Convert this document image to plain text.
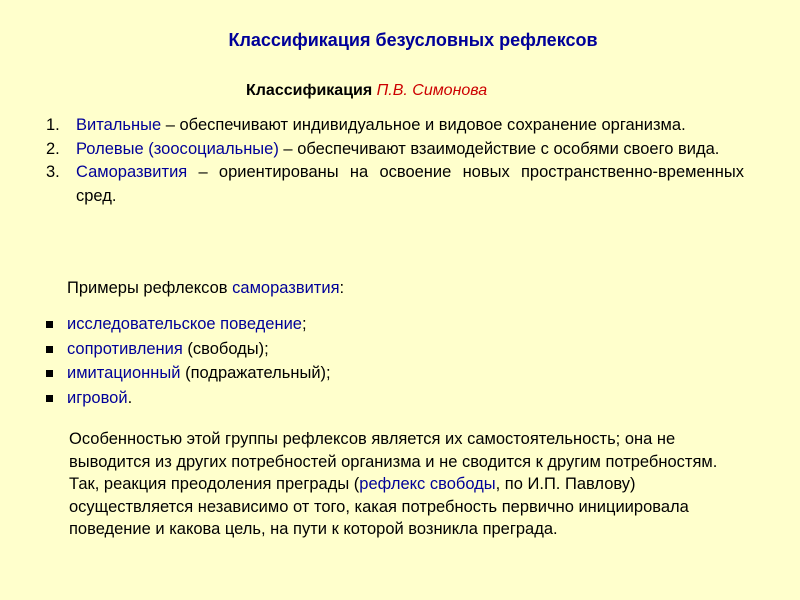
Классификация безусловных рефлексов
Классификация П.В. Симонова
1. Витальные – обеспечивают индивидуальное и видовое сохранение организма.
2. Ролевые (зоосоциальные) – обеспечивают взаимодействие с особями своего вида.
3. Саморазвития – ориентированы на освоение новых пространственно-временных сред.
Примеры рефлексов саморазвития:
исследовательское поведение;
сопротивления (свободы);
имитационный (подражательный);
игровой.

Особенностью этой группы рефлексов является их самостоятельность; она не выводится из других потребностей организма и не сводится к другим потребностям. Так, реакция преодоления преграды (рефлекс свободы, по И.П. Павлову) осуществляется независимо от того, какая потребность первично инициировала поведение и какова цель, на пути к которой возникла преграда.
